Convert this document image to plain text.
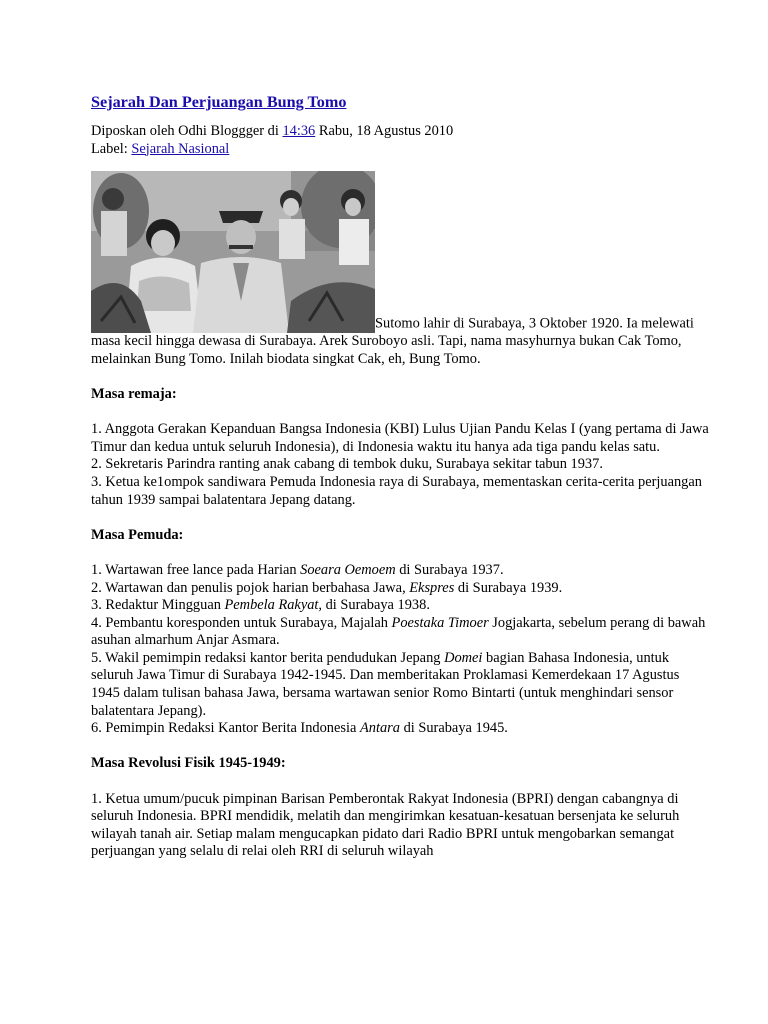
Sejarah Dan Perjuangan Bung Tomo

Diposkan oleh Odhi Bloggger di 14:36 Rabu, 18 Agustus 2010

Label: Sejarah Nasional

Sutomo lahir di Surabaya, 3 Oktober 1920. Ia melewati masa kecil hingga dewasa di Surabaya. Arek Suroboyo asli. Tapi, nama masyhurnya bukan Cak Tomo, melainkan Bung Tomo. Inilah biodata singkat Cak, eh, Bung Tomo.
Masa remaja:

1. Anggota Gerakan Kepanduan Bangsa Indonesia (KBI) Lulus Ujian Pandu Kelas I (yang pertama di Jawa Timur dan kedua untuk seluruh Indonesia), di Indonesia waktu itu hanya ada tiga pandu kelas satu.

2. Sekretaris Parindra ranting anak cabang di tembok duku, Surabaya sekitar tabun 1937.

3. Ketua ke1ompok sandiwara Pemuda Indonesia raya di Surabaya, mementaskan cerita-cerita perjuangan tahun 1939 sampai balatentara Jepang datang.

Masa Pemuda:

1. Wartawan free lance pada Harian Soeara Oemoem di Surabaya 1937.

2. Wartawan dan penulis pojok harian berbahasa Jawa, Ekspres di Surabaya 1939.

3. Redaktur Mingguan Pembela Rakyat, di Surabaya 1938.

4. Pembantu koresponden untuk Surabaya, Majalah Poestaka Timoer Jogjakarta, sebelum perang di bawah asuhan almarhum Anjar Asmara.

5. Wakil pemimpin redaksi kantor berita pendudukan Jepang Domei bagian Bahasa Indonesia, untuk seluruh Jawa Timur di Surabaya 1942-1945. Dan memberitakan Proklamasi Kemerdekaan 17 Agustus 1945 dalam tulisan bahasa Jawa, bersama wartawan senior Romo Bintarti (untuk menghindari sensor balatentara Jepang).

6. Pemimpin Redaksi Kantor Berita Indonesia Antara di Surabaya 1945.

Masa Revolusi Fisik 1945-1949:

1. Ketua umum/pucuk pimpinan Barisan Pemberontak Rakyat Indonesia (BPRI) dengan cabangnya di seluruh Indonesia. BPRI mendidik, melatih dan mengirimkan kesatuan-kesatuan bersenjata ke seluruh wilayah tanah air. Setiap malam mengucapkan pidato dari Radio BPRI untuk mengobarkan semangat perjuangan yang selalu di relai oleh RRI di seluruh wilayah
